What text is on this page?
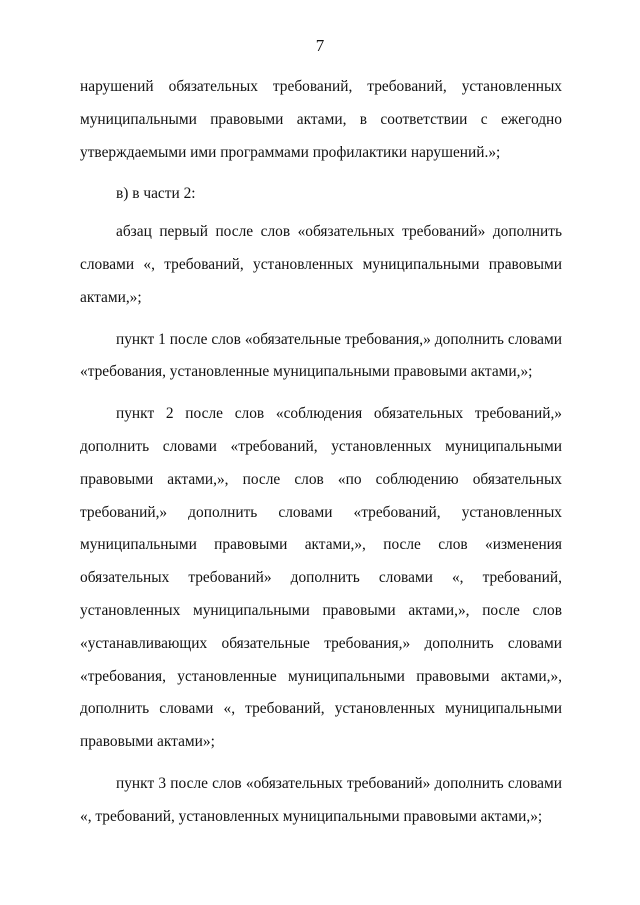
7

нарушений обязательных требований, требований, установленных муниципальными правовыми актами, в соответствии с ежегодно утверждаемыми ими программами профилактики нарушений.»;

в) в части 2:

абзац первый после слов «обязательных требований» дополнить словами «, требований, установленных муниципальными правовыми актами,»;

пункт 1 после слов «обязательные требования,» дополнить словами «требования, установленные муниципальными правовыми актами,»;

пункт 2 после слов «соблюдения обязательных требований,» дополнить словами «требований, установленных муниципальными правовыми актами,», после слов «по соблюдению обязательных требований,» дополнить словами «требований, установленных муниципальными правовыми актами,», после слов «изменения обязательных требований» дополнить словами «, требований, установленных муниципальными правовыми актами,», после слов «устанавливающих обязательные требования,» дополнить словами «требования, установленные муниципальными правовыми актами,», дополнить словами «, требований, установленных муниципальными правовыми актами»;

пункт 3 после слов «обязательных требований» дополнить словами «, требований, установленных муниципальными правовыми актами,»;
